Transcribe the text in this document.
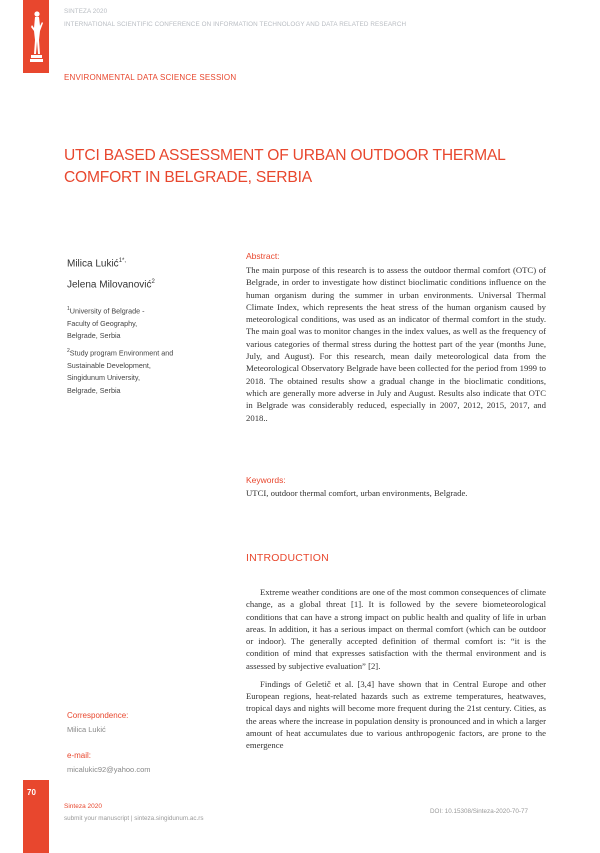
SINTEZA 2020
INTERNATIONAL SCIENTIFIC CONFERENCE ON INFORMATION TECHNOLOGY AND DATA RELATED RESEARCH
ENVIRONMENTAL DATA SCIENCE SESSION
UTCI BASED ASSESSMENT OF URBAN OUTDOOR THERMAL
COMFORT IN BELGRADE, SERBIA
Milica Lukić$^{1*,}$
Jelena Milovanović$^2$
$^1$University of Belgrade -
Faculty of Geography,
Belgrade, Serbia
$^2$Study program Environment and
Sustainable Development,
Singidunum University,
Belgrade, Serbia
Abstract:
The main purpose of this research is to assess the outdoor thermal comfort (OTC) of Belgrade, in order to investigate how distinct bioclimatic conditions influence on the human organism during the summer in urban environments. Universal Thermal Climate Index, which represents the heat stress of the human organism caused by meteorological conditions, was used as an indicator of thermal comfort in the study. The main goal was to monitor changes in the index values, as well as the frequency of various categories of thermal stress during the hottest part of the year (months June, July, and August). For this research, mean daily meteorological data from the Meteorological Observatory Belgrade have been collected for the period from 1999 to 2018. The obtained results show a gradual change in the bioclimatic conditions, which are generally more adverse in July and August. Results also indicate that OTC in Belgrade was considerably reduced, especially in 2007, 2012, 2015, 2017, and 2018..
Keywords:
UTCI, outdoor thermal comfort, urban environments, Belgrade.
INTRODUCTION

Extreme weather conditions are one of the most common consequences of climate change, as a global threat [1]. It is followed by the severe biometeorological conditions that can have a strong impact on public health and quality of life in urban areas. In addition, it has a serious impact on thermal comfort (which can be outdoor or indoor). The generally accepted definition of thermal comfort is: “it is the condition of mind that expresses satisfaction with the thermal environment and is assessed by subjective evaluation” [2].

Findings of Geletič et al. [3,4] have shown that in Central Europe and other European regions, heat-related hazards such as extreme temperatures, heatwaves, tropical days and nights will become more frequent during the 21st century. Cities, as the areas where the increase in population density is pronounced and in which a larger amount of heat accumulates due to various anthropogenic factors, are prone to the emergence

Correspondence:
Milica Lukić
e-mail:
micalukic92@yahoo.com
70
Sinteza 2020
submit your manuscript | sinteza.singidunum.ac.rs
DOI: 10.15308/Sinteza-2020-70-77
